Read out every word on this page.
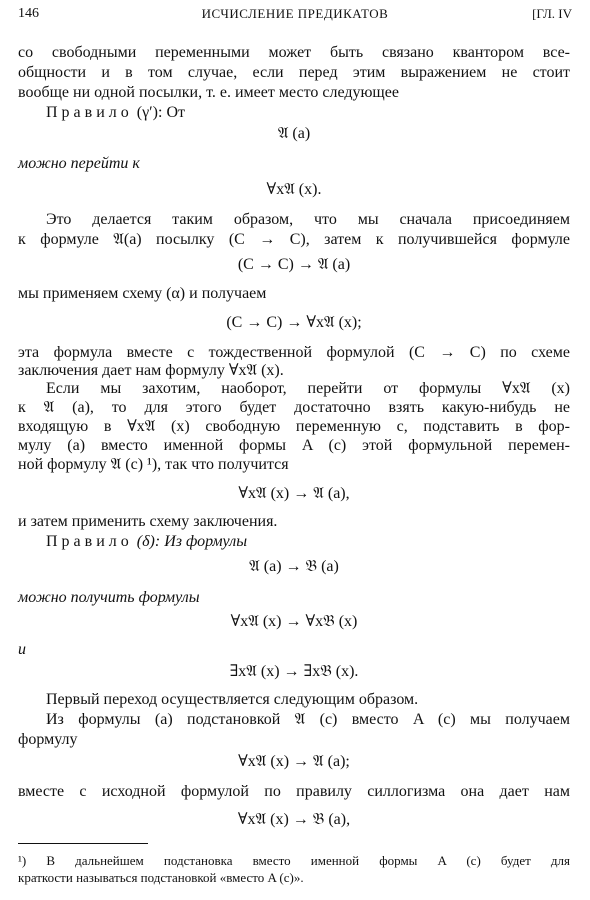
146	ИСЧИСЛЕНИЕ ПРЕДИКАТОВ	[ГЛ. IV
со свободными переменными может быть связано квантором все-
общности и в том случае, если перед этим выражением не стоит
вообще ни одной посылки, т. е. имеет место следующее
Правило (γ′): От
𝔄 (a)
можно перейти к
∀x𝔄 (x).
Это делается таким образом, что мы сначала присоединяем
к формуле 𝔄(a) посылку (C → C), затем к получившейся формуле
(C → C) → 𝔄 (a)
мы применяем схему (α) и получаем
(C → C) → ∀x𝔄 (x);
эта формула вместе с тождественной формулой (C → C) по схеме
заключения дает нам формулу ∀x𝔄 (x).
Если мы захотим, наоборот, перейти от формулы ∀x𝔄 (x)
к 𝔄 (a), то для этого будет достаточно взять какую-нибудь не
входящую в ∀x𝔄 (x) свободную переменную c, подставить в фор-
мулу (a) вместо именной формы A (c) этой формульной перемен-
ной формулу 𝔄 (c) ¹), так что получится
∀x𝔄 (x) → 𝔄 (a),
и затем применить схему заключения.
Правило (δ): Из формулы
𝔄 (a) → 𝔅 (a)
можно получить формулы
∀x𝔄 (x) → ∀x𝔅 (x)
и
∃x𝔄 (x) → ∃x𝔅 (x).
Первый переход осуществляется следующим образом.
Из формулы (a) подстановкой 𝔄 (c) вместо A (c) мы получаем
формулу
∀x𝔄 (x) → 𝔄 (a);
вместе с исходной формулой по правилу силлогизма она дает нам
∀x𝔄 (x) → 𝔅 (a),
¹) В дальнейшем подстановка вместо именной формы A (c) будет для
краткости называться подстановкой «вместо A (c)».
